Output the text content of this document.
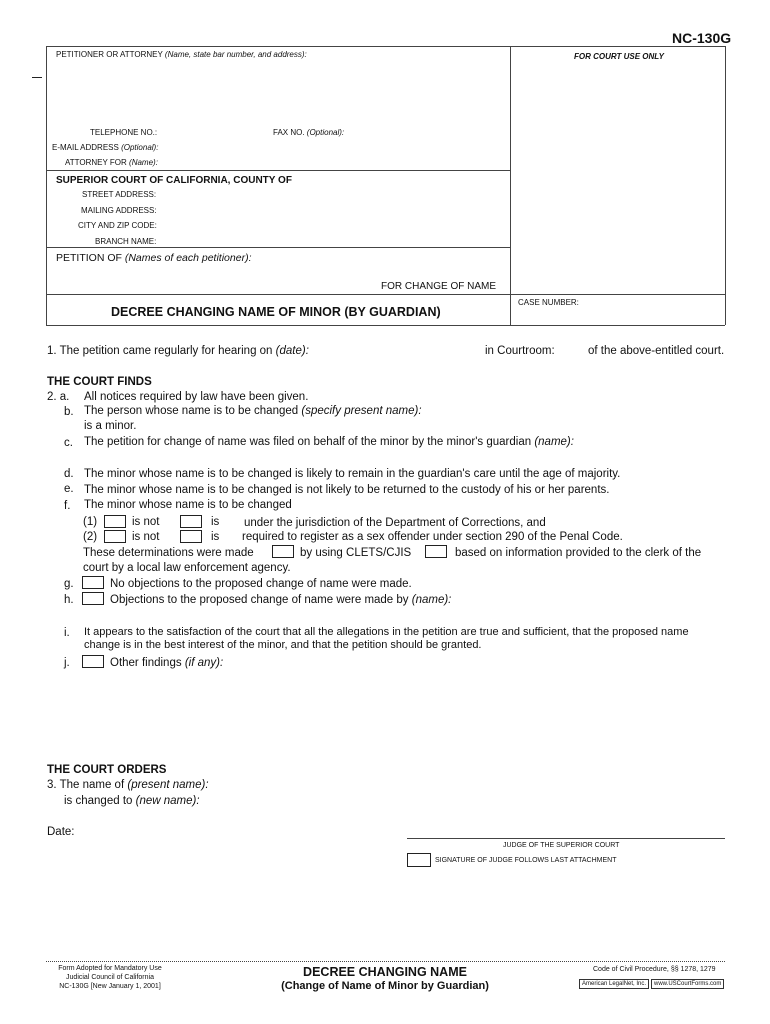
NC-130G
PETITIONER OR ATTORNEY (Name, state bar number, and address):	FOR COURT USE ONLY
TELEPHONE NO.:	FAX NO. (Optional):
E-MAIL ADDRESS (Optional):
ATTORNEY FOR (Name):
SUPERIOR COURT OF CALIFORNIA, COUNTY OF
STREET ADDRESS:
MAILING ADDRESS:
CITY AND ZIP CODE:
BRANCH NAME:
PETITION OF (Names of each petitioner):
FOR CHANGE OF NAME
CASE NUMBER:
DECREE CHANGING NAME OF MINOR (BY GUARDIAN)
1. The petition came regularly for hearing on (date):	in Courtroom:	of the above-entitled court.
THE COURT FINDS
2. a. All notices required by law have been given.
b. The person whose name is to be changed (specify present name):
is a minor.
c. The petition for change of name was filed on behalf of the minor by the minor's guardian (name):
d. The minor whose name is to be changed is likely to remain in the guardian's care until the age of majority.
e. The minor whose name is to be changed is not likely to be returned to the custody of his or her parents.
f. The minor whose name is to be changed
(1)	is not	is under the jurisdiction of the Department of Corrections, and
(2)	is not	is required to register as a sex offender under section 290 of the Penal Code.
These determinations were made	by using CLETS/CJIS	based on information provided to the clerk of the
court by a local law enforcement agency.
g.	No objections to the proposed change of name were made.
h.	Objections to the proposed change of name were made by (name):
i. It appears to the satisfaction of the court that all the allegations in the petition are true and sufficient, that the proposed name
change is in the best interest of the minor, and that the petition should be granted.
j.	Other findings (if any):
THE COURT ORDERS
3. The name of (present name):
is changed to (new name):
Date:
JUDGE OF THE SUPERIOR COURT
SIGNATURE OF JUDGE FOLLOWS LAST ATTACHMENT
Form Adopted for Mandatory Use
Judicial Council of California
NC-130G [New January 1, 2001]
DECREE CHANGING NAME
(Change of Name of Minor by Guardian)
Code of Civil Procedure, §§ 1278, 1279
American LegalNet, Inc.	www.USCourtForms.com
